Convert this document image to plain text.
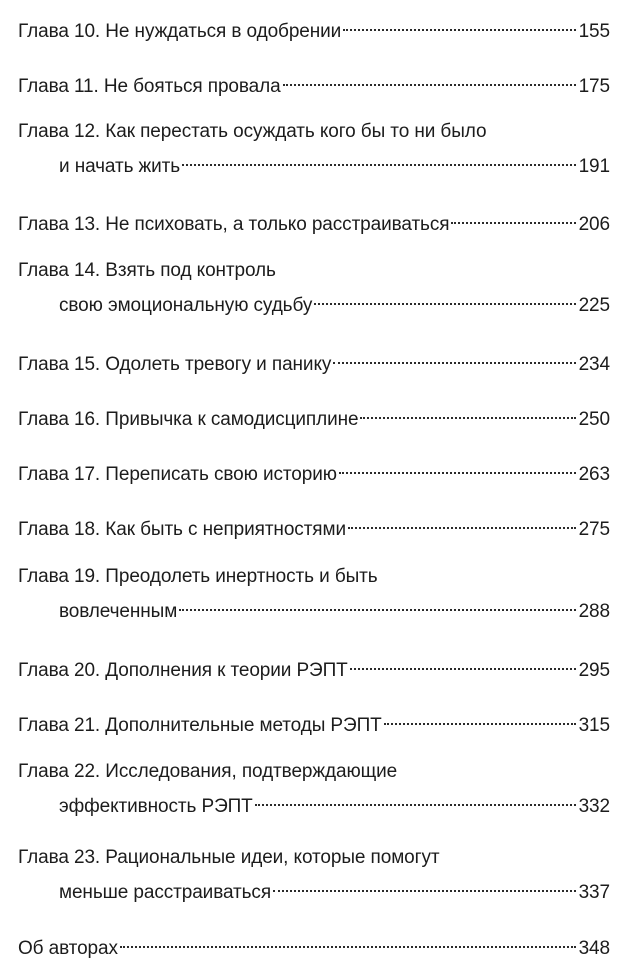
Глава 10. Не нуждаться в одобрении	155
Глава 11. Не бояться провала	175
Глава 12. Как перестать осуждать кого бы то ни было
и начать жить	191
Глава 13. Не психовать, а только расстраиваться	206
Глава 14. Взять под контроль
свою эмоциональную судьбу	225
Глава 15. Одолеть тревогу и панику	234
Глава 16. Привычка к самодисциплине	250
Глава 17. Переписать свою историю	263
Глава 18. Как быть с неприятностями	275
Глава 19. Преодолеть инертность и быть
вовлеченным	288
Глава 20. Дополнения к теории РЭПТ	295
Глава 21. Дополнительные методы РЭПТ	315
Глава 22. Исследования, подтверждающие
эффективность РЭПТ	332
Глава 23. Рациональные идеи, которые помогут
меньше расстраиваться	337
Об авторах	348
